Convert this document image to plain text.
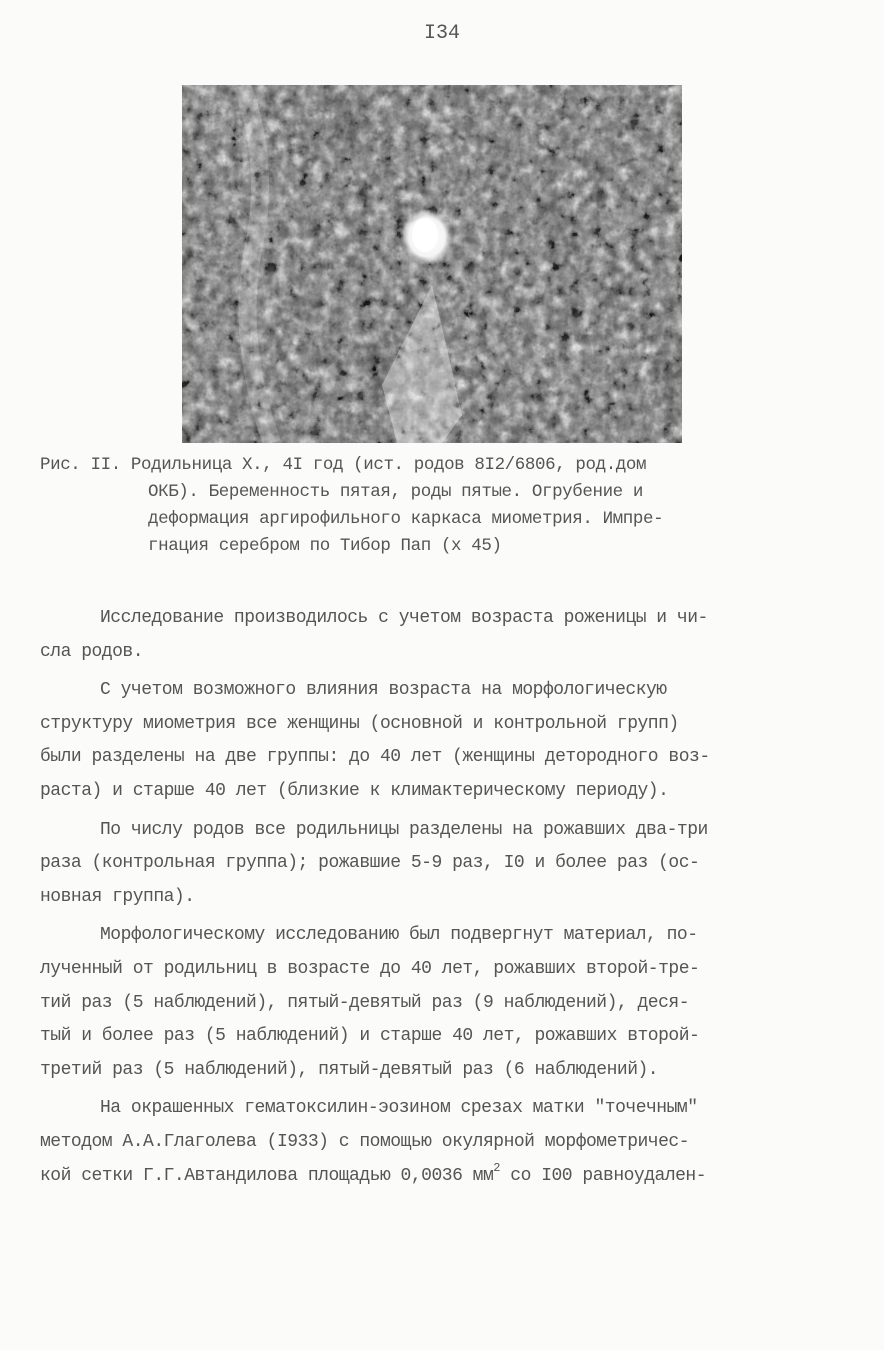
I34
Рис. II. Родильница Х., 4I год (ист. родов 8I2/6806, род.дом
ОКБ). Беременность пятая, роды пятые. Огрубение и
деформация аргирофильного каркаса миометрия. Импре-
гнация серебром по Тибор Пап (х 45)
Исследование производилось с учетом возраста роженицы и чи-
сла родов.
С учетом возможного влияния возраста на морфологическую
структуру миометрия все женщины (основной и контрольной групп)
были разделены на две группы: до 40 лет (женщины детородного воз-
раста) и старше 40 лет (близкие к климактерическому периоду).
По числу родов все родильницы разделены на рожавших два-три
раза (контрольная группа); рожавшие 5-9 раз, I0 и более раз (ос-
новная группа).
Морфологическому исследованию был подвергнут материал, по-
лученный от родильниц в возрасте до 40 лет, рожавших второй-тре-
тий раз (5 наблюдений), пятый-девятый раз (9 наблюдений), деся-
тый и более раз (5 наблюдений) и старше 40 лет, рожавших второй-
третий раз (5 наблюдений), пятый-девятый раз (6 наблюдений).
На окрашенных гематоксилин-эозином срезах матки "точечным"
методом А.А.Глаголева (I933) с помощью окулярной морфометричес-
кой сетки Г.Г.Автандилова площадью 0,0036 $мм^2$ со I00 равноудален-
